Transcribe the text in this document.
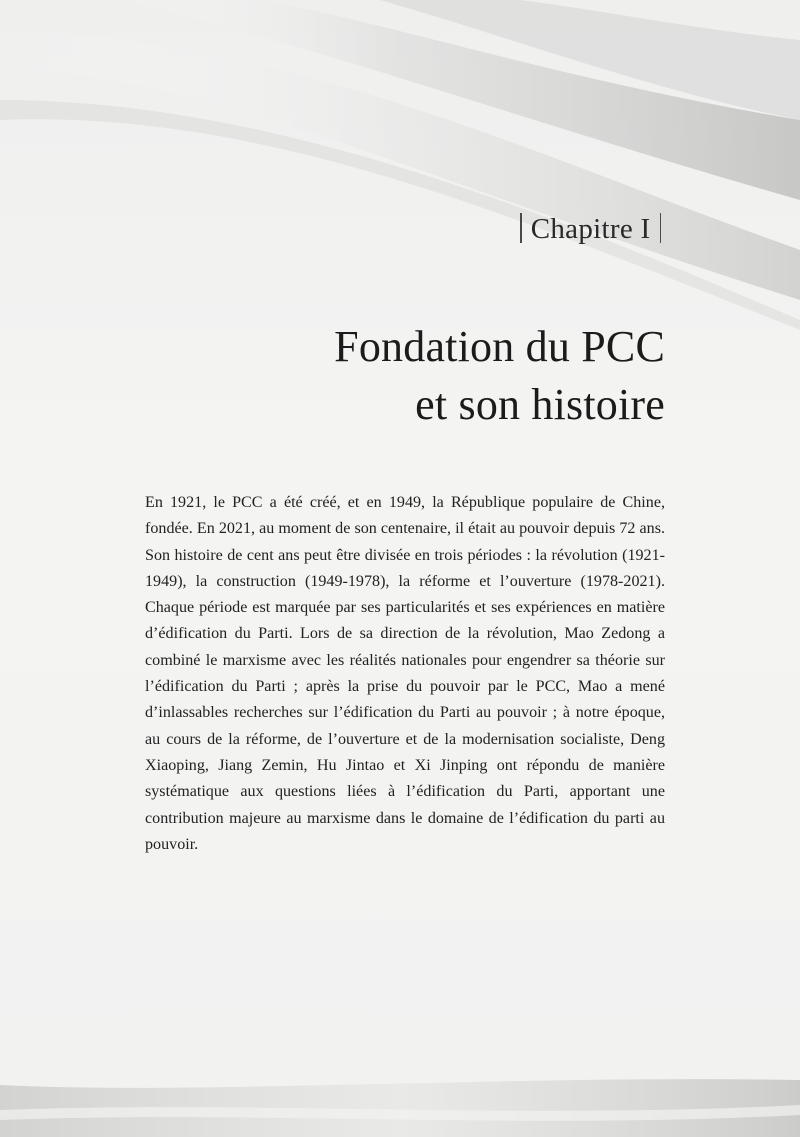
Chapitre I
Fondation du PCC
et son histoire

En 1921, le PCC a été créé, et en 1949, la République populaire de Chine, fondée. En 2021, au moment de son centenaire, il était au pouvoir depuis 72 ans. Son histoire de cent ans peut être divisée en trois périodes : la révolution (1921-1949), la construction (1949-1978), la réforme et l’ouverture (1978-2021). Chaque période est marquée par ses particularités et ses expériences en matière d’édification du Parti. Lors de sa direction de la révolution, Mao Zedong a combiné le marxisme avec les réalités nationales pour engendrer sa théorie sur l’édification du Parti ; après la prise du pouvoir par le PCC, Mao a mené d’inlassables recherches sur l’édification du Parti au pouvoir ; à notre époque, au cours de la réforme, de l’ouverture et de la modernisation socialiste, Deng Xiaoping, Jiang Zemin, Hu Jintao et Xi Jinping ont répondu de manière systématique aux questions liées à l’édification du Parti, apportant une contribution majeure au marxisme dans le domaine de l’édification du parti au pouvoir.
